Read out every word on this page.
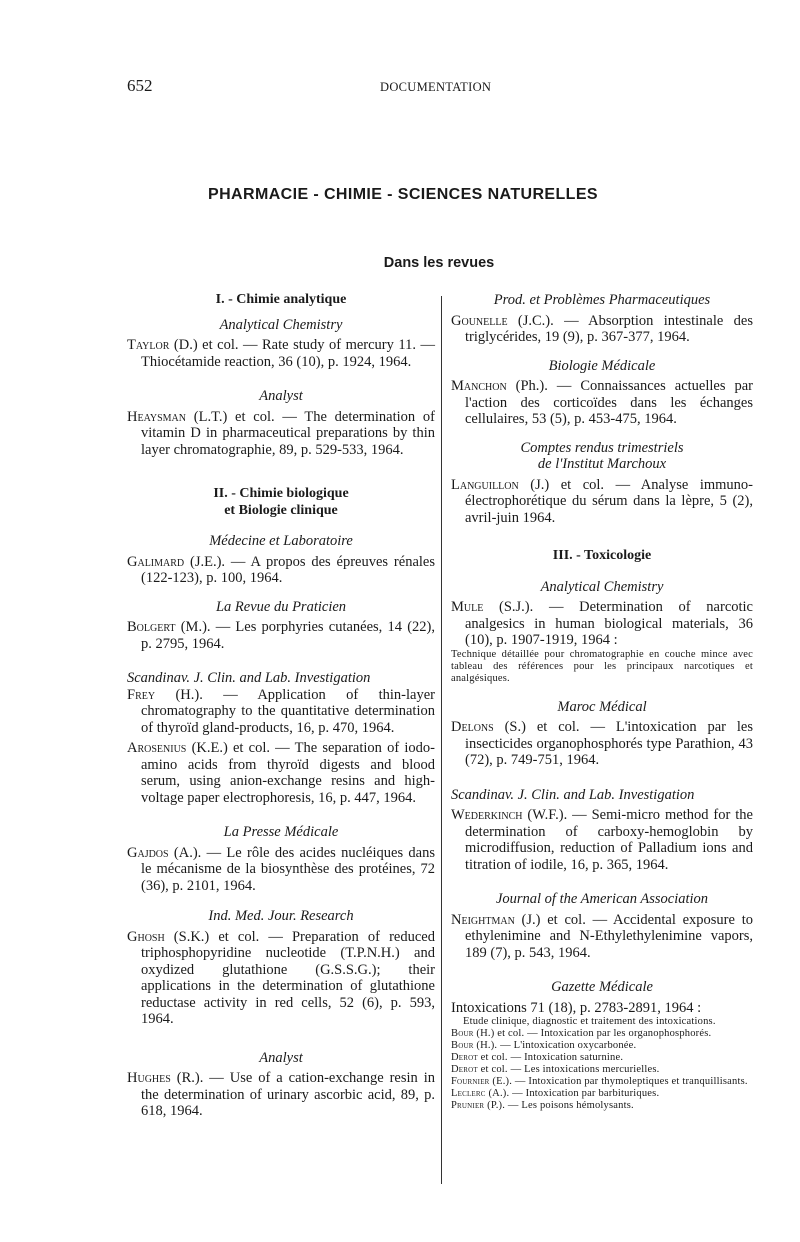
652	DOCUMENTATION
PHARMACIE - CHIMIE - SCIENCES NATURELLES
Dans les revues

I. - Chimie analytique

Analytical Chemistry

Taylor (D.) et col. — Rate study of mercury 11. — Thiocétamide reaction, 36 (10), p. 1924, 1964.

Analyst

Heaysman (L.T.) et col. — The determination of vitamin D in pharmaceutical preparations by thin layer chromatographie, 89, p. 529-533, 1964.

II. - Chimie biologique

et Biologie clinique

Médecine et Laboratoire

Galimard (J.E.). — A propos des épreuves rénales (122-123), p. 100, 1964.

La Revue du Praticien

Bolgert (M.). — Les porphyries cutanées, 14 (22), p. 2795, 1964.

Scandinav. J. Clin. and Lab. Investigation

Frey (H.). — Application of thin-layer chromatography to the quantitative determination of thyroïd gland-products, 16, p. 470, 1964.

Arosenius (K.E.) et col. — The separation of iodo-amino acids from thyroïd digests and blood serum, using anion-exchange resins and high-voltage paper electrophoresis, 16, p. 447, 1964.

La Presse Médicale

Gajdos (A.). — Le rôle des acides nucléiques dans le mécanisme de la biosynthèse des protéines, 72 (36), p. 2101, 1964.

Ind. Med. Jour. Research

Ghosh (S.K.) et col. — Preparation of reduced triphosphopyridine nucleotide (T.P.N.H.) and oxydized glutathione (G.S.S.G.); their applications in the determination of glutathione reductase activity in red cells, 52 (6), p. 593, 1964.

Analyst

Hughes (R.). — Use of a cation-exchange resin in the determination of urinary ascorbic acid, 89, p. 618, 1964.

Prod. et Problèmes Pharmaceutiques

Gounelle (J.C.). — Absorption intestinale des triglycérides, 19 (9), p. 367-377, 1964.

Biologie Médicale

Manchon (Ph.). — Connaissances actuelles par l'action des corticoïdes dans les échanges cellulaires, 53 (5), p. 453-475, 1964.

Comptes rendus trimestriels

de l'Institut Marchoux

Languillon (J.) et col. — Analyse immuno-électrophorétique du sérum dans la lèpre, 5 (2), avril-juin 1964.

III. - Toxicologie

Analytical Chemistry

Mule (S.J.). — Determination of narcotic analgesics in human biological materials, 36 (10), p. 1907-1919, 1964 :

Technique détaillée pour chromatographie en couche mince avec tableau des références pour les principaux narcotiques et analgésiques.

Maroc Médical

Delons (S.) et col. — L'intoxication par les insecticides organophosphorés type Parathion, 43 (72), p. 749-751, 1964.

Scandinav. J. Clin. and Lab. Investigation

Wederkinch (W.F.). — Semi-micro method for the determination of carboxy-hemoglobin by microdiffusion, reduction of Palladium ions and titration of iodile, 16, p. 365, 1964.

Journal of the American Association

Neightman (J.) et col. — Accidental exposure to ethylenimine and N-Ethylethylenimine vapors, 189 (7), p. 543, 1964.

Gazette Médicale

Intoxications 71 (18), p. 2783-2891, 1964 :

Etude clinique, diagnostic et traitement des intoxications.

Bour (H.) et col. — Intoxication par les organophosphorés.

Bour (H.). — L'intoxication oxycarbonée.

Derot et col. — Intoxication saturnine.

Derot et col. — Les intoxications mercurielles.

Fournier (E.). — Intoxication par thymoleptiques et tranquillisants.

Leclerc (A.). — Intoxication par barbituriques.

Prunier (P.). — Les poisons hémolysants.
